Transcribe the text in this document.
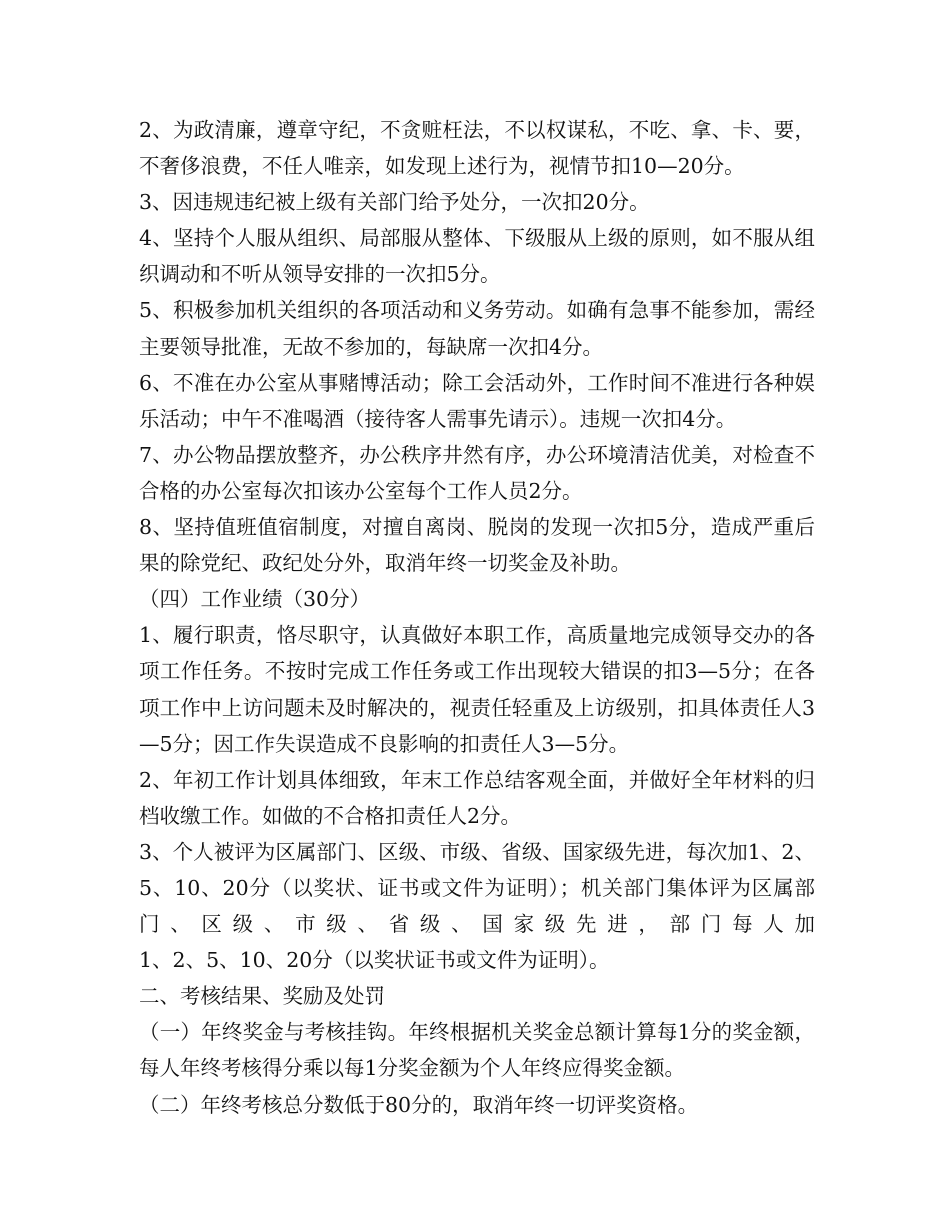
2、为政清廉，遵章守纪，不贪赃枉法，不以权谋私，不吃、拿、卡、要，不奢侈浪费，不任人唯亲，如发现上述行为，视情节扣10—20分。

3、因违规违纪被上级有关部门给予处分，一次扣20分。

4、坚持个人服从组织、局部服从整体、下级服从上级的原则，如不服从组织调动和不听从领导安排的一次扣5分。

5、积极参加机关组织的各项活动和义务劳动。如确有急事不能参加，需经主要领导批准，无故不参加的，每缺席一次扣4分。

6、不准在办公室从事赌博活动；除工会活动外，工作时间不准进行各种娱乐活动；中午不准喝酒（接待客人需事先请示）。违规一次扣4分。

7、办公物品摆放整齐，办公秩序井然有序，办公环境清洁优美，对检查不合格的办公室每次扣该办公室每个工作人员2分。

8、坚持值班值宿制度，对擅自离岗、脱岗的发现一次扣5分，造成严重后果的除党纪、政纪处分外，取消年终一切奖金及补助。

（四）工作业绩（30分）

1、履行职责，恪尽职守，认真做好本职工作，高质量地完成领导交办的各项工作任务。不按时完成工作任务或工作出现较大错误的扣3—5分；在各项工作中上访问题未及时解决的，视责任轻重及上访级别，扣具体责任人3—5分；因工作失误造成不良影响的扣责任人3—5分。

2、年初工作计划具体细致，年末工作总结客观全面，并做好全年材料的归档收缴工作。如做的不合格扣责任人2分。

3、个人被评为区属部门、区级、市级、省级、国家级先进，每次加1、2、5、10、20分（以奖状、证书或文件为证明）；机关部门集体评为区属部门、区级、市级、省级、国家级先进，部门每人加

1、2、5、10、20分（以奖状证书或文件为证明）。

二、考核结果、奖励及处罚

（一）年终奖金与考核挂钩。年终根据机关奖金总额计算每1分的奖金额，每人年终考核得分乘以每1分奖金额为个人年终应得奖金额。

（二）年终考核总分数低于80分的，取消年终一切评奖资格。
